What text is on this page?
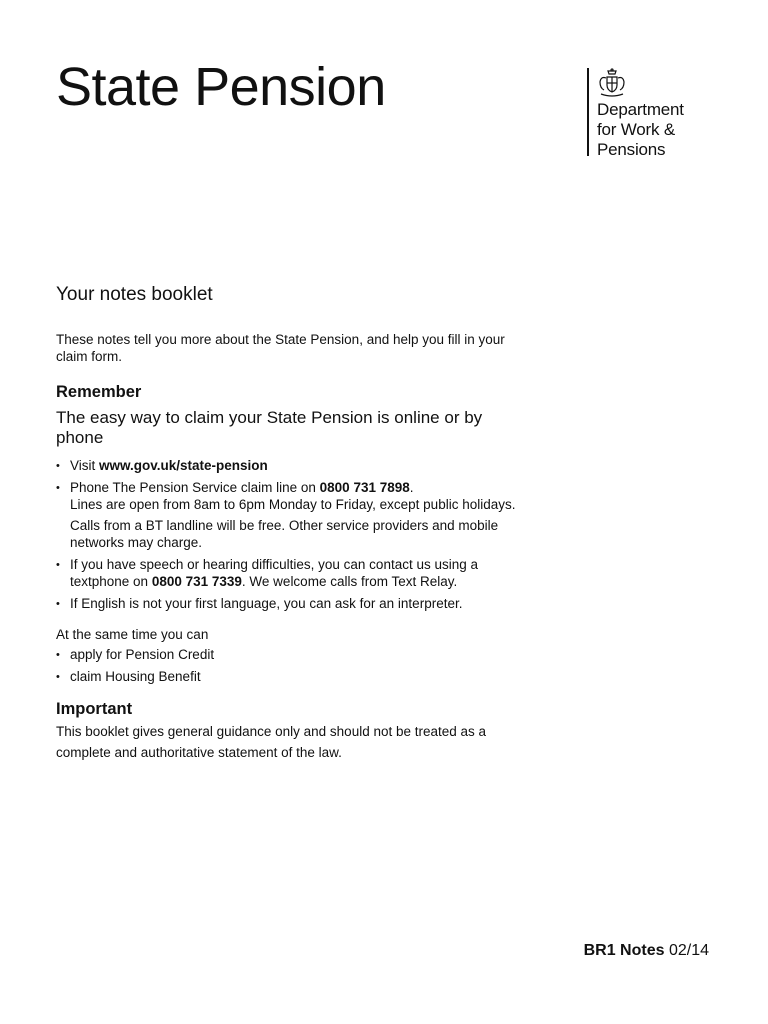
State Pension	Department
for Work &
Pensions
Your notes booklet

These notes tell you more about the State Pension, and help you fill in your claim form.

Remember

The easy way to claim your State Pension is online or by phone

• Visit www.gov.uk/state-pension
• Phone The Pension Service claim line on 0800 731 7898.
Lines are open from 8am to 6pm Monday to Friday, except public holidays.
Calls from a BT landline will be free. Other service providers and mobile networks may charge.
• If you have speech or hearing difficulties, you can contact us using a textphone on 0800 731 7339. We welcome calls from Text Relay.
• If English is not your first language, you can ask for an interpreter.

At the same time you can

• apply for Pension Credit
• claim Housing Benefit
Important

This booklet gives general guidance only and should not be treated as a complete and authoritative statement of the law.

BR1 Notes 02/14
